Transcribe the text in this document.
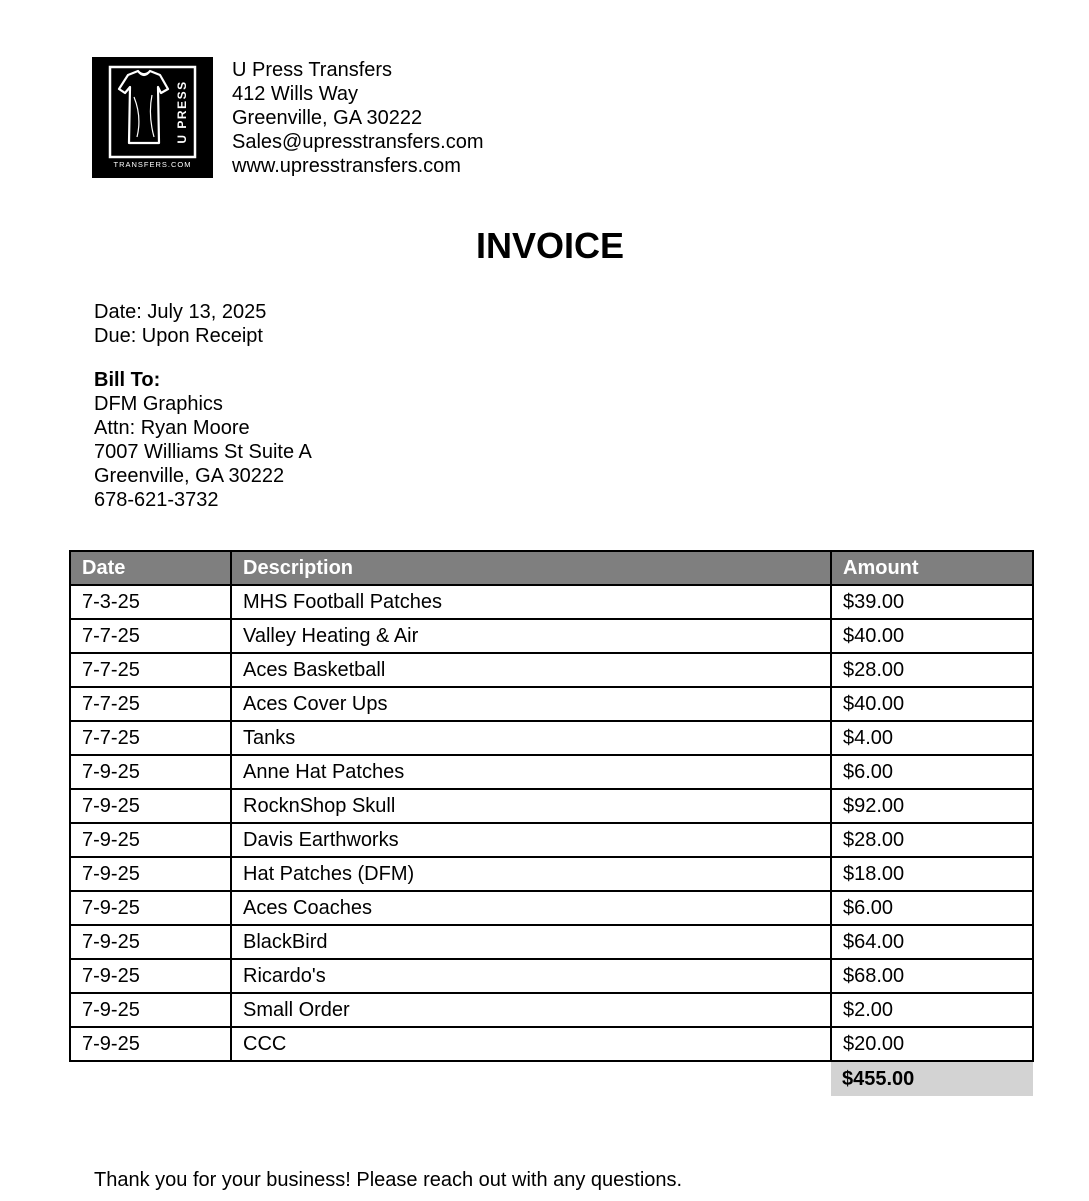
U PRESS
TRANSFERS.COM
U Press Transfers
412 Wills Way
Greenville, GA 30222
Sales@upresstransfers.com
www.upresstransfers.com
INVOICE
Date: July 13, 2025
Due: Upon Receipt
Bill To:
DFM Graphics
Attn: Ryan Moore
7007 Williams St Suite A
Greenville, GA 30222
678-621-3732
Date	Description	Amount
7-3-25	MHS Football Patches	$39.00
7-7-25	Valley Heating & Air	$40.00
7-7-25	Aces Basketball	$28.00
7-7-25	Aces Cover Ups	$40.00
7-7-25	Tanks	$4.00
7-9-25	Anne Hat Patches	$6.00
7-9-25	RocknShop Skull	$92.00
7-9-25	Davis Earthworks	$28.00
7-9-25	Hat Patches (DFM)	$18.00
7-9-25	Aces Coaches	$6.00
7-9-25	BlackBird	$64.00
7-9-25	Ricardo's	$68.00
7-9-25	Small Order	$2.00
7-9-25	CCC	$20.00
		$455.00
Thank you for your business! Please reach out with any questions.
